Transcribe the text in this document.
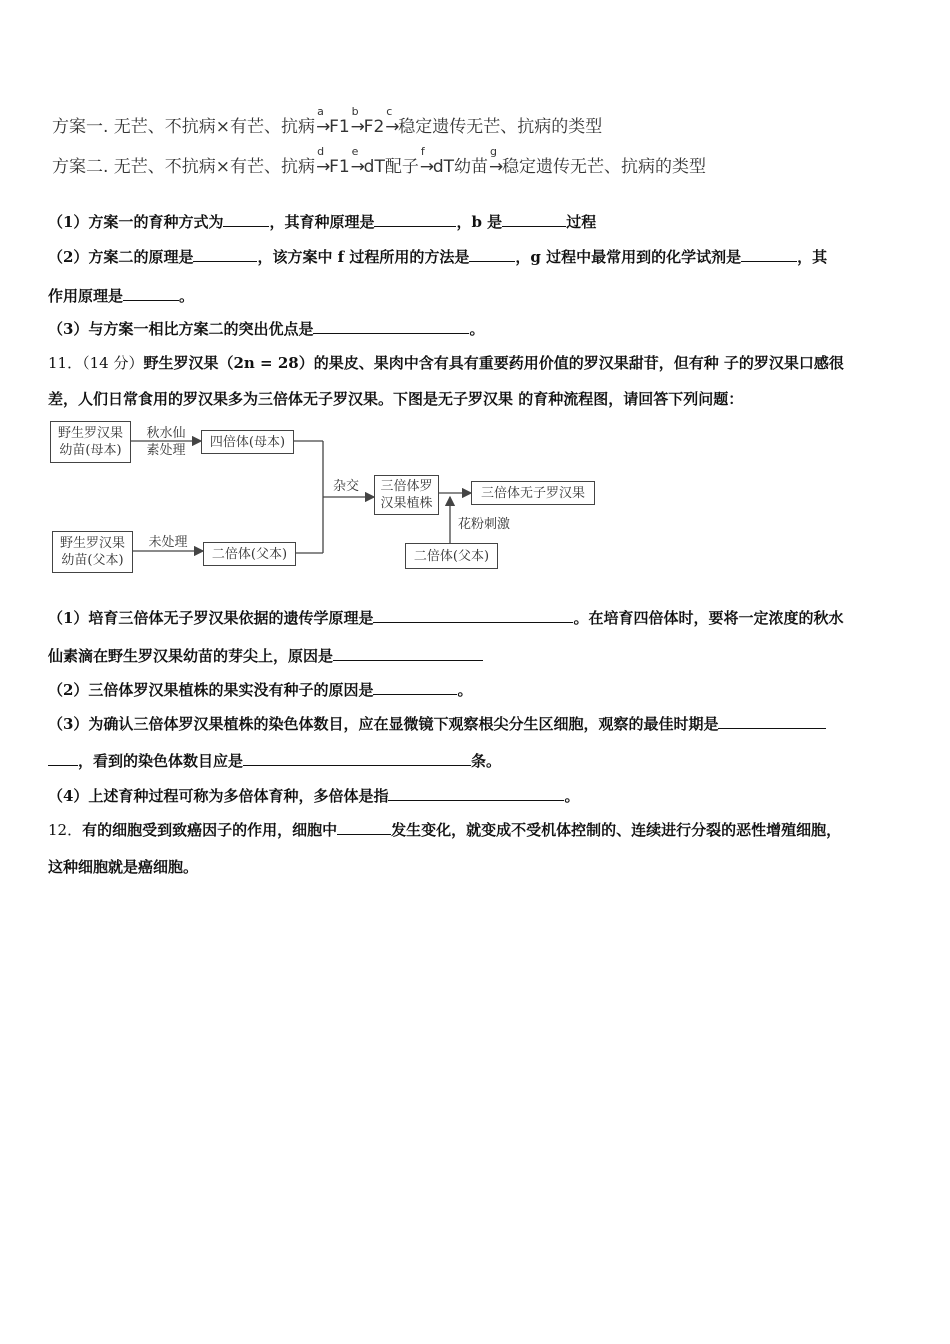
方案一. 无芒、不抗病×有芒、抗病
a
→F1
b
→F2
c
→稳定遗传无芒、抗病的类型
方案二. 无芒、不抗病×有芒、抗病
d
→F1
e
→dT配子
f
→dT幼苗
g
→稳定遗传无芒、抗病的类型
（1）方案一的育种方式为	，其育种原理是	，b 是	过程
（2）方案二的原理是	，该方案中 f 过程所用的方法是	，g 过程中最常用到的化学试剂是	，其
作用原理是	。
（3）与方案一相比方案二的突出优点是	。
11．（14 分）野生罗汉果（2n = 28）的果皮、果肉中含有具有重要药用价值的罗汉果甜苷，但有种 子的罗汉果口感很
差，人们日常食用的罗汉果多为三倍体无子罗汉果。下图是无子罗汉果 的育种流程图，请回答下列问题：
野生罗汉果
幼苗(母本)
秋水仙
素处理
四倍体(母本)
杂交	三倍体罗
汉果植株
三倍体无子罗汉果
花粉刺激
野生罗汉果
幼苗(父本)
未处理
二倍体(父本)	二倍体(父本)
（1）培育三倍体无子罗汉果依据的遗传学原理是	。在培育四倍体时，要将一定浓度的秋水
仙素滴在野生罗汉果幼苗的芽尖上，原因是
（2）三倍体罗汉果植株的果实没有种子的原因是	。
（3）为确认三倍体罗汉果植株的染色体数目，应在显微镜下观察根尖分生区细胞，观察的最佳时期是
，看到的染色体数目应是	条。
（4）上述育种过程可称为多倍体育种，多倍体是指	。
12．有的细胞受到致癌因子的作用，细胞中	发生变化，就变成不受机体控制的、连续进行分裂的恶性增殖细胞，
这种细胞就是癌细胞。
